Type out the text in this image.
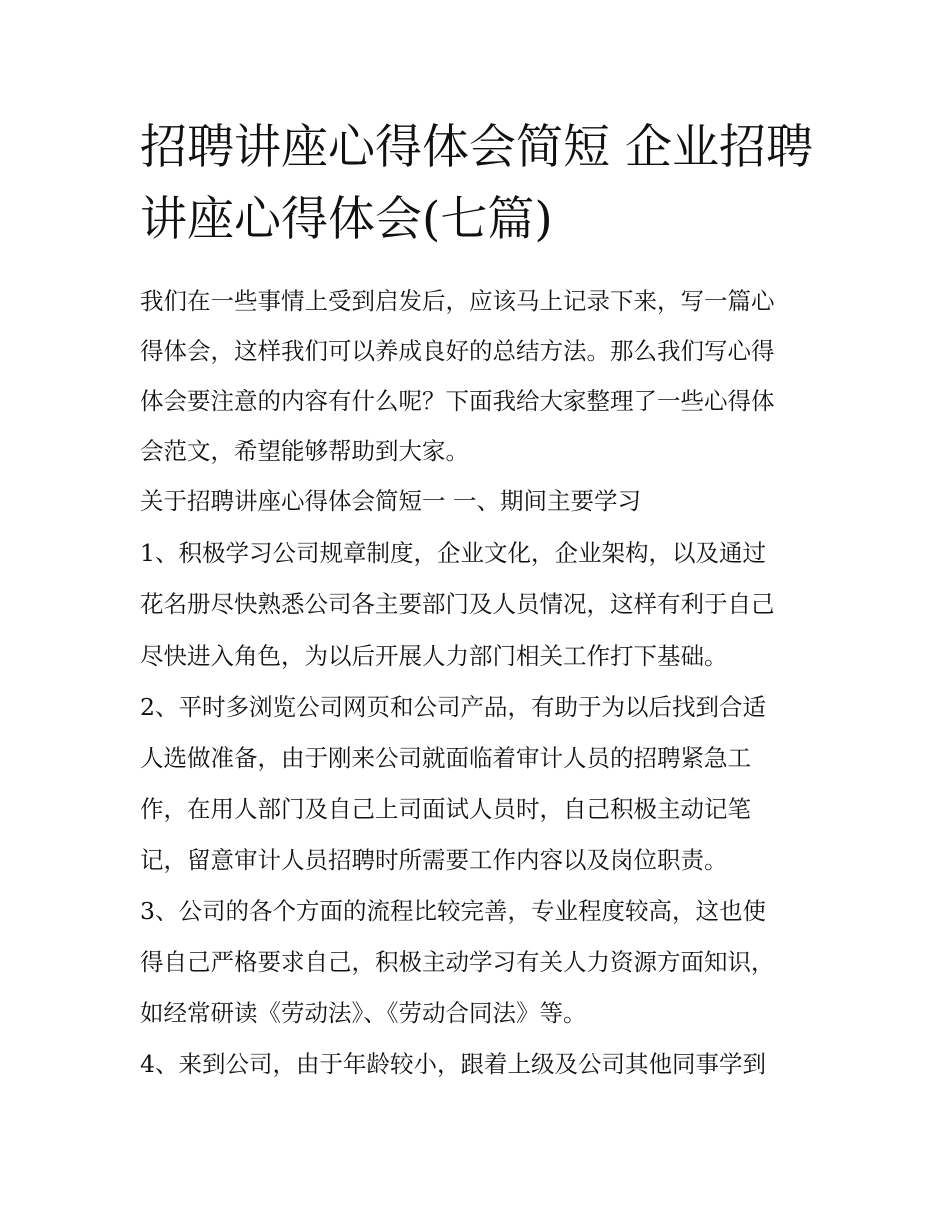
招聘讲座心得体会简短 企业招聘讲座心得体会(七篇)

我们在一些事情上受到启发后，应该马上记录下来，写一篇心

得体会，这样我们可以养成良好的总结方法。那么我们写心得

体会要注意的内容有什么呢？下面我给大家整理了一些心得体

会范文，希望能够帮助到大家。

关于招聘讲座心得体会简短一 一、期间主要学习

1、积极学习公司规章制度，企业文化，企业架构，以及通过

花名册尽快熟悉公司各主要部门及人员情况，这样有利于自己

尽快进入角色，为以后开展人力部门相关工作打下基础。

2、平时多浏览公司网页和公司产品，有助于为以后找到合适

人选做准备，由于刚来公司就面临着审计人员的招聘紧急工

作，在用人部门及自己上司面试人员时，自己积极主动记笔

记，留意审计人员招聘时所需要工作内容以及岗位职责。

3、公司的各个方面的流程比较完善，专业程度较高，这也使

得自己严格要求自己，积极主动学习有关人力资源方面知识，

如经常研读《劳动法》、《劳动合同法》等。

4、来到公司，由于年龄较小，跟着上级及公司其他同事学到
